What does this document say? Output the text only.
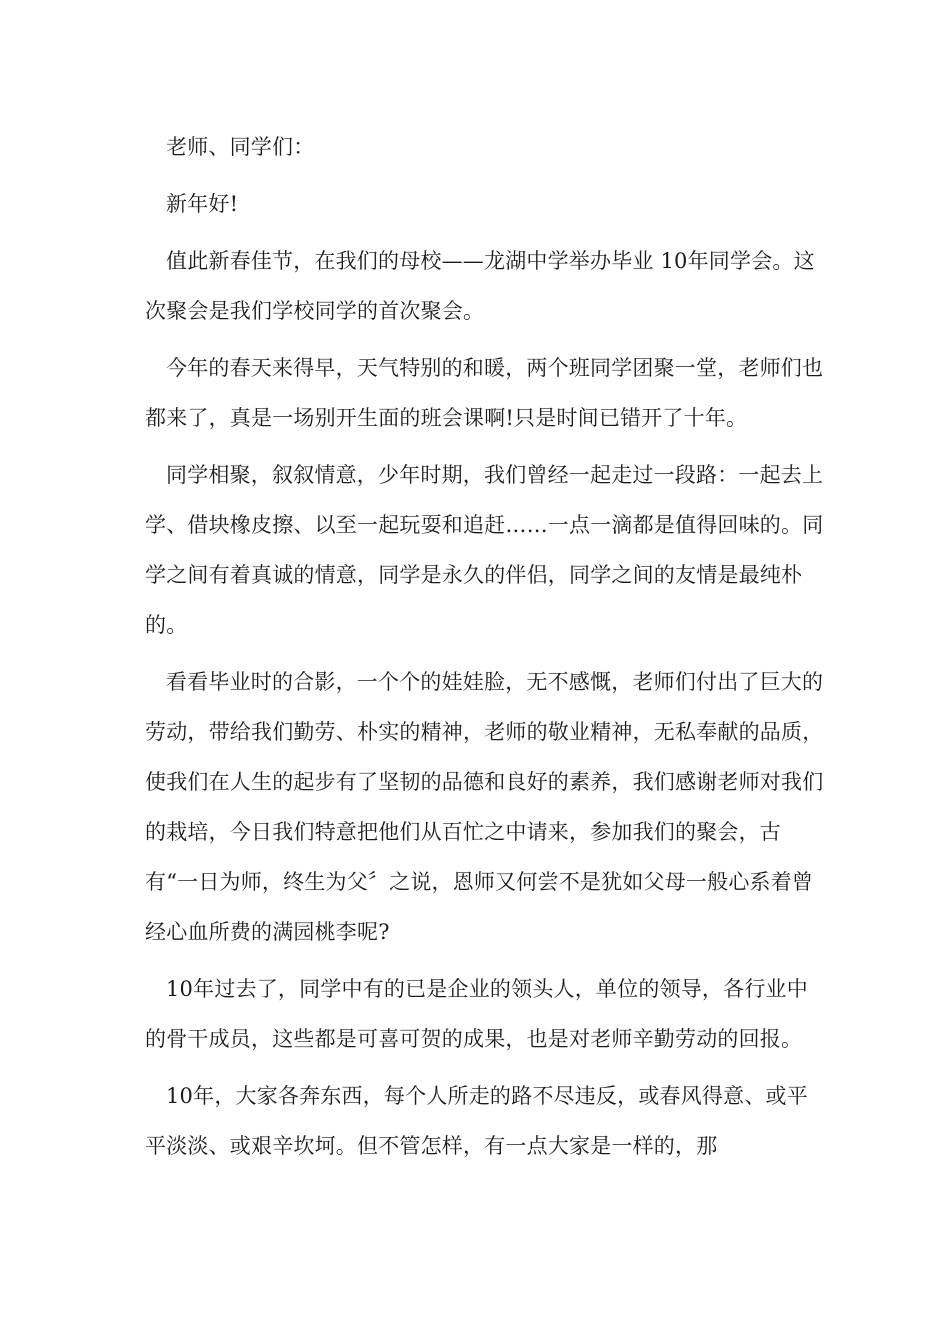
老师、同学们：

新年好!

值此新春佳节，在我们的母校——龙湖中学举办毕业 10年同学会。这次聚会是我们学校同学的首次聚会。

今年的春天来得早，天气特别的和暖，两个班同学团聚一堂，老师们也都来了，真是一场别开生面的班会课啊!只是时间已错开了十年。

同学相聚，叙叙情意，少年时期，我们曾经一起走过一段路：一起去上学、借块橡皮擦、以至一起玩耍和追赶……一点一滴都是值得回味的。同学之间有着真诚的情意，同学是永久的伴侣，同学之间的友情是最纯朴的。

看看毕业时的合影，一个个的娃娃脸，无不感慨，老师们付出了巨大的劳动，带给我们勤劳、朴实的精神，老师的敬业精神，无私奉献的品质，使我们在人生的起步有了坚韧的品德和良好的素养，我们感谢老师对我们的栽培，今日我们特意把他们从百忙之中请来，参加我们的聚会，古有“一日为师，终生为父〞之说，恩师又何尝不是犹如父母一般心系着曾经心血所费的满园桃李呢?

10年过去了，同学中有的已是企业的领头人，单位的领导，各行业中的骨干成员，这些都是可喜可贺的成果，也是对老师辛勤劳动的回报。

10年，大家各奔东西，每个人所走的路不尽违反，或春风得意、或平平淡淡、或艰辛坎坷。但不管怎样，有一点大家是一样的，那
